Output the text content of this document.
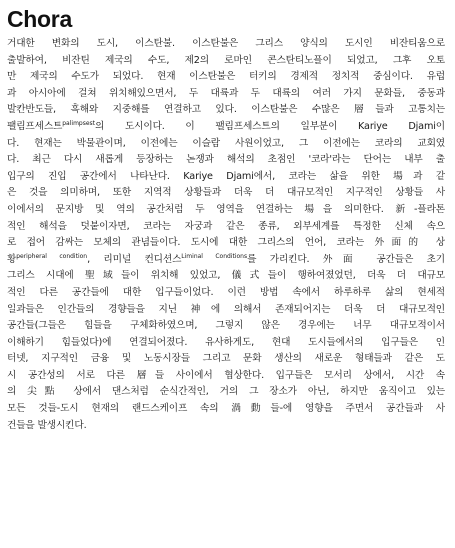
Chora
거대한 변화의 도시, 이스탄불. 이스탄불은 그리스 양식의 도시인 비잔티움으로
출발하여, 비잔틴 제국의 수도, 제2의 로마인 콘스탄티노플이 되었고, 그후 오토
만 제국의 수도가 되었다. 현재 이스탄불은 터키의 경제적 정치적 중심이다. 유럽
과 아시아에 걸쳐 위치해있으면서, 두 대륙과 두 대륙의 여러 가지 문화들, 중동과
발칸반도들, 흑해와 지중해를 연결하고 있다. 이스탄불은 수많은 層들과 고통치는
팰림프세스트$^{palimpsest}$의 도시이다. 이 팰림프세스트의 일부분이 Kariye Djami이
다. 현재는 박물관이며, 이전에는 이슬람 사원이었고, 그 이전에는 코라의 교회였
다. 최근 다시 새롭게 등장하는 논쟁과 해석의 초점인 '코라'라는 단어는 내부 출
입구의 진입 공간에서 나타난다. Kariye Djami에서, 코라는 삶을 위한 場과 같
은 것을 의미하며, 또한 지역적 상황들과 더욱 더 대규모적인 지구적인 상황들 사
이에서의 문지방 및 역의 공간처럼 두 영역을 연결하는 場을 의미한다. 新-플라톤
적인 해석을 덧붙이자면, 코라는 자궁과 같은 종류, 외부세계를 특정한 신체 속으
로 접어 감싸는 모체의 관념들이다. 도시에 대한 그리스의 언어, 코라는 外面的 상
황$^{peripheral condition}$, 리미널 컨디션스$^{Liminal Conditions}$를 가리킨다. 外面 공간들은 초기
그리스 시대에 聖域들이 위치해 있었고, 儀式들이 행하여졌었던, 더욱 더 대규모
적인 다른 공간들에 대한 입구들이었다. 이런 방법 속에서 하루하루 삶의 현세적
일과들은 인간들의 경향들을 지닌 神에 의해서 존재되어지는 더욱 더 대규모적인
공간들(그들은 힘들을 구체화하였으며, 그렇지 않은 경우에는 너무 대규모적이서
이해하기 힘들었다)에 연결되어졌다. 유사하게도, 현대 도시들에서의 입구들은 인
터넷, 지구적인 금융 및 노동시장들 그리고 문화 생산의 새로운 형태들과 같은 도
시 공간성의 서로 다른 層들 사이에서 협상한다. 입구들은 모서리 상에서, 시간 속
의 尖點 상에서 댄스처럼 순식간적인, 거의 그 장소가 아닌, 하지만 움직이고 있는
모든 것들-도시 현재의 랜드스케이프 속의 渦動들-에 영향을 주면서 공간들과 사
건들을 발생시킨다.
